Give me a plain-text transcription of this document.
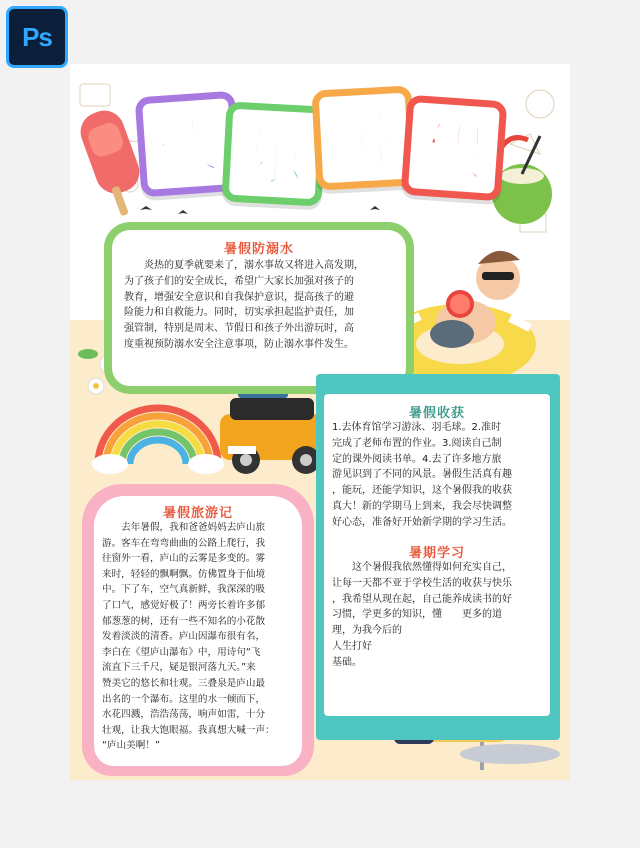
Ps
快 乐 暑 假
暑假防溺水
　　炎热的夏季就要来了，溺水事故又将进入高发期，
为了孩子们的安全成长，希望广大家长加强对孩子的
教育，增强安全意识和自我保护意识，提高孩子的避
险能力和自救能力。同时，切实承担起监护责任，加
强管制，特别是周末、节假日和孩子外出游玩时，高
度重视预防溺水安全注意事项，防止溺水事件发生。
暑假收获
1.去体育馆学习游泳、羽毛球。2.准时
完成了老师布置的作业。3.阅读自己制
定的课外阅读书单。4.去了许多地方旅
游见识到了不同的风景。暑假生活真有趣
，能玩，还能学知识，这个暑假我的收获
真大！新的学期马上到来，我会尽快调整
好心态，准备好开始新学期的学习生活。
暑期学习
　　这个暑假我依然懂得如何充实自己，
让每一天都不亚于学校生活的收获与快乐
，我希望从现在起，自己能养成读书的好
习惯，学更多的知识，懂　　更多的道
理，为我今后的
人生打好
基础。
暑假旅游记
　　去年暑假，我和爸爸妈妈去庐山旅
游。客车在弯弯曲曲的公路上爬行，我
往窗外一看，庐山的云雾是多变的。雾
来时，轻轻的飘啊飘。仿佛置身于仙境
中。下了车，空气真新鲜，我深深的吸
了口气，感觉好极了！两旁长着许多郁
郁葱葱的树，还有一些不知名的小花散
发着淡淡的清香。庐山因瀑布很有名，
李白在《望庐山瀑布》中，用诗句“飞
流直下三千尺，疑是银河落九天。”来
赞美它的悠长和壮观。三叠泉是庐山最
出名的一个瀑布。这里的水一倾而下，
水花四溅，浩浩荡荡，响声如雷，十分
壮观，让我大饱眼福。我真想大喊一声：
“庐山美啊！”
